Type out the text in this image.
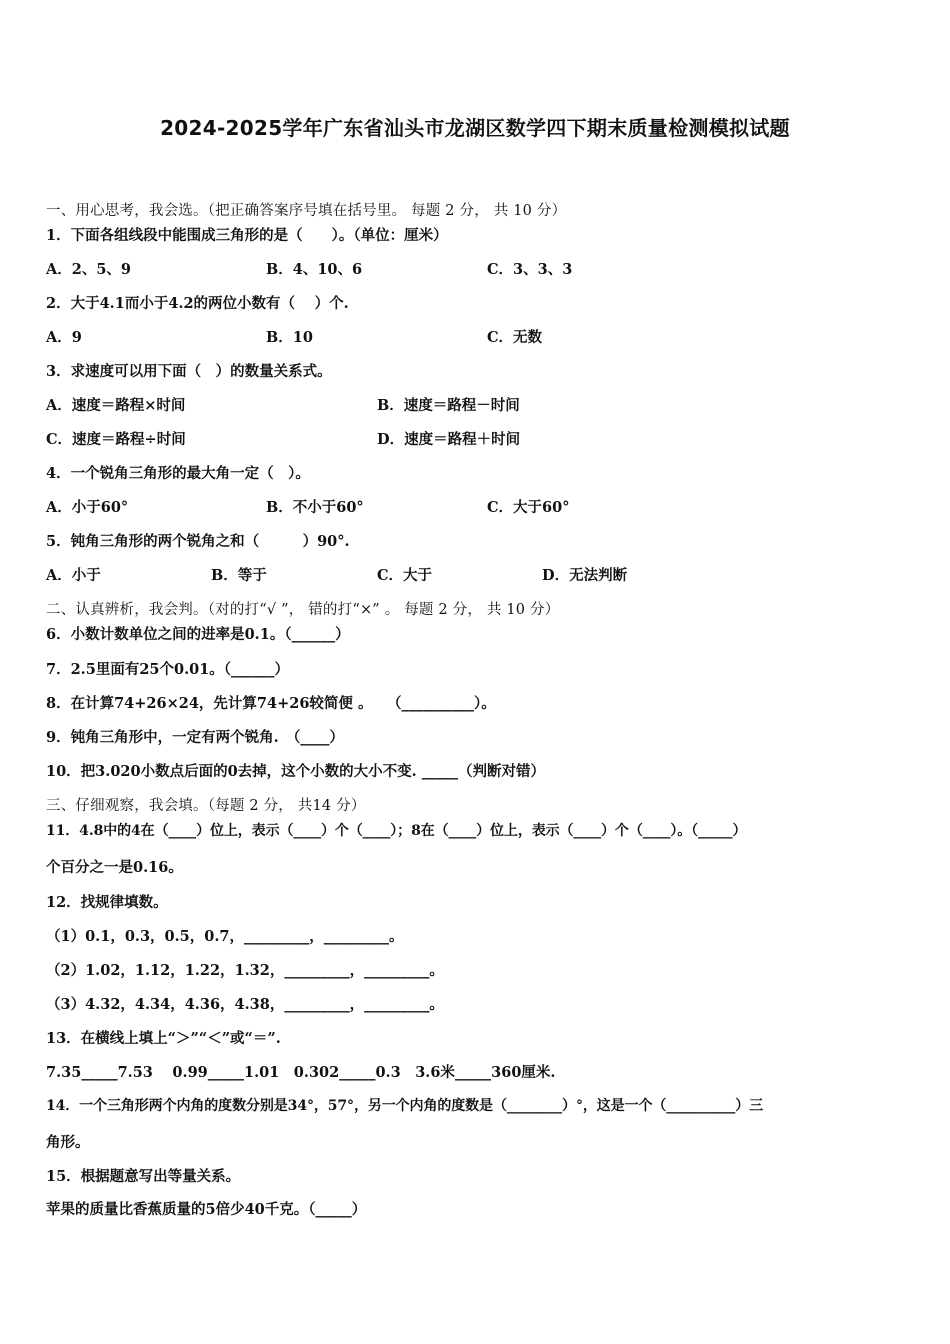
2024-2025学年广东省汕头市龙湖区数学四下期末质量检测模拟试题
一、用心思考，我会选。（把正确答案序号填在括号里。 每题 2 分， 共 10 分）
1．下面各组线段中能围成三角形的是（　　）。（单位：厘米）
A．2、5、9	B．4、10、6	C．3、3、3
2．大于4.1而小于4.2的两位小数有（　 ）个.
A．9	B．10	C．无数
3．求速度可以用下面（　）的数量关系式。
A．速度＝路程×时间	B．速度＝路程－时间
C．速度＝路程÷时间	D．速度＝路程＋时间
4．一个锐角三角形的最大角一定（　）。
A．小于60°	B．不小于60°	C．大于60°
5．钝角三角形的两个锐角之和（　　　）90°.
A．小于	B．等于	C．大于	D．无法判断
二、认真辨析，我会判。（对的打“√ ”， 错的打“×” 。 每题 2 分， 共 10 分）
6．小数计数单位之间的进率是0.1。（______）
7．2.5里面有25个0.01。（______）
8．在计算74+26×24，先计算74+26较简便 。　　（__________）。
9．钝角三角形中，一定有两个锐角.　（____）
10．把3.020小数点后面的0去掉，这个小数的大小不变. _____（判断对错）
三、仔细观察，我会填。（每题 2 分， 共14 分）
11．4.8中的4在（____）位上，表示（____）个（____）；8在（____）位上，表示（____）个（____）。（_____）
个百分之一是0.16。
12．找规律填数。
（1）0.1，0.3，0.5，0.7，_________，_________。
（2）1.02，1.12，1.22，1.32，_________，_________。
（3）4.32，4.34，4.36，4.38，_________，_________。
13．在横线上填上“＞”“＜”或“＝”.
7.35_____7.53　 0.99_____1.01　0.302_____0.3　3.6米_____360厘米.
14．一个三角形两个内角的度数分别是34°，57°，另一个内角的度数是（________）°，这是一个（__________）三
角形。
15．根据题意写出等量关系。
苹果的质量比香蕉质量的5倍少40千克。（_____）
